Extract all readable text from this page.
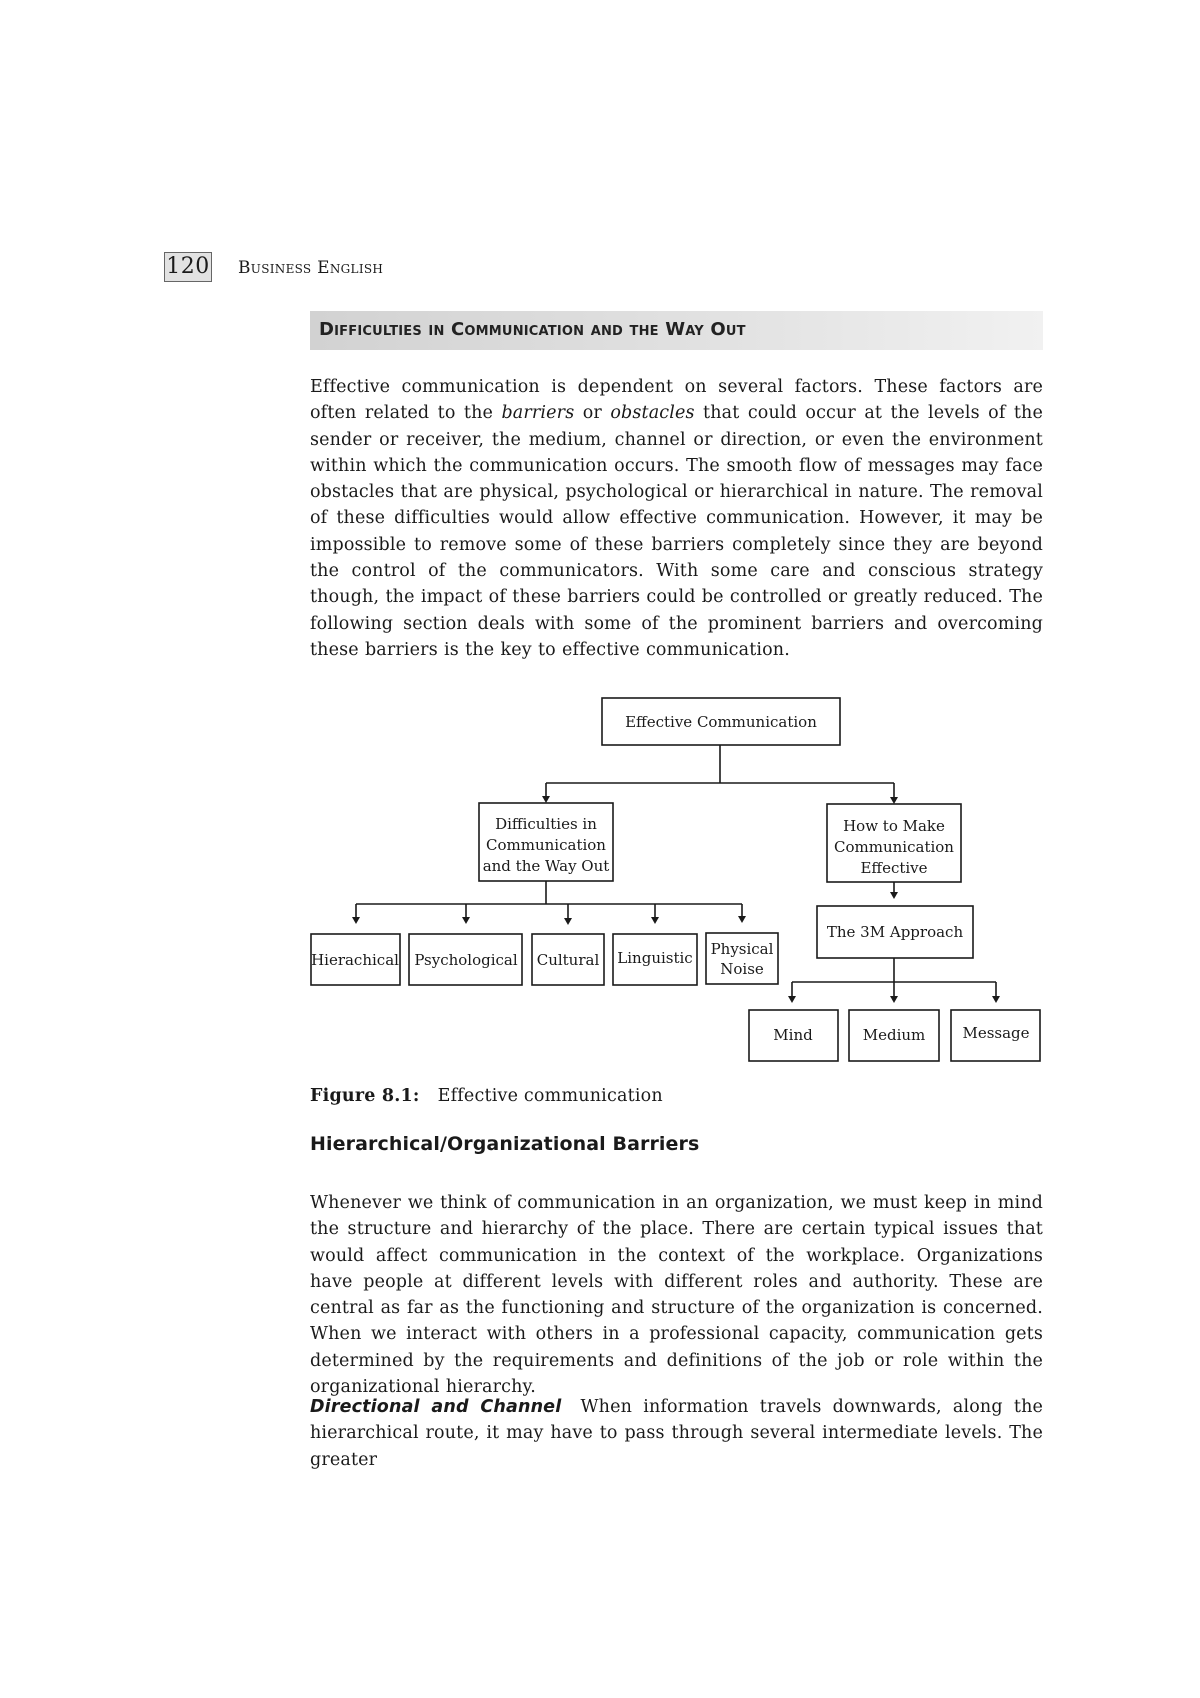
120 Business English
Difficulties in Communication and the Way Out

Effective communication is dependent on several factors. These factors are often related to the barriers or obstacles that could occur at the levels of the sender or receiver, the medium, channel or direction, or even the environment within which the communication occurs. The smooth flow of messages may face obstacles that are physical, psychological or hierarchical in nature. The removal of these difficulties would allow effective communication. However, it may be impossible to remove some of these barriers completely since they are beyond the control of the communicators. With some care and conscious strategy though, the impact of these barriers could be controlled or greatly reduced. The following section deals with some of the prominent barriers and overcoming these barriers is the key to effective communication.

Effective Communication
Difficulties in
Communication
and the Way Out
How to Make
Communication
Effective
Hierachical Psychological Cultural Linguistic Physical
Noise
The 3M Approach
Mind	Medium Message
Figure 8.1: Effective communication
Hierarchical/Organizational Barriers

Whenever we think of communication in an organization, we must keep in mind the structure and hierarchy of the place. There are certain typical issues that would affect communication in the context of the workplace. Organizations have people at different levels with different roles and authority. These are central as far as the functioning and structure of the organization is concerned. When we interact with others in a professional capacity, communication gets determined by the requirements and definitions of the job or role within the organizational hierarchy.

Directional and Channel When information travels downwards, along the hierarchical route, it may have to pass through several intermediate levels. The greater
